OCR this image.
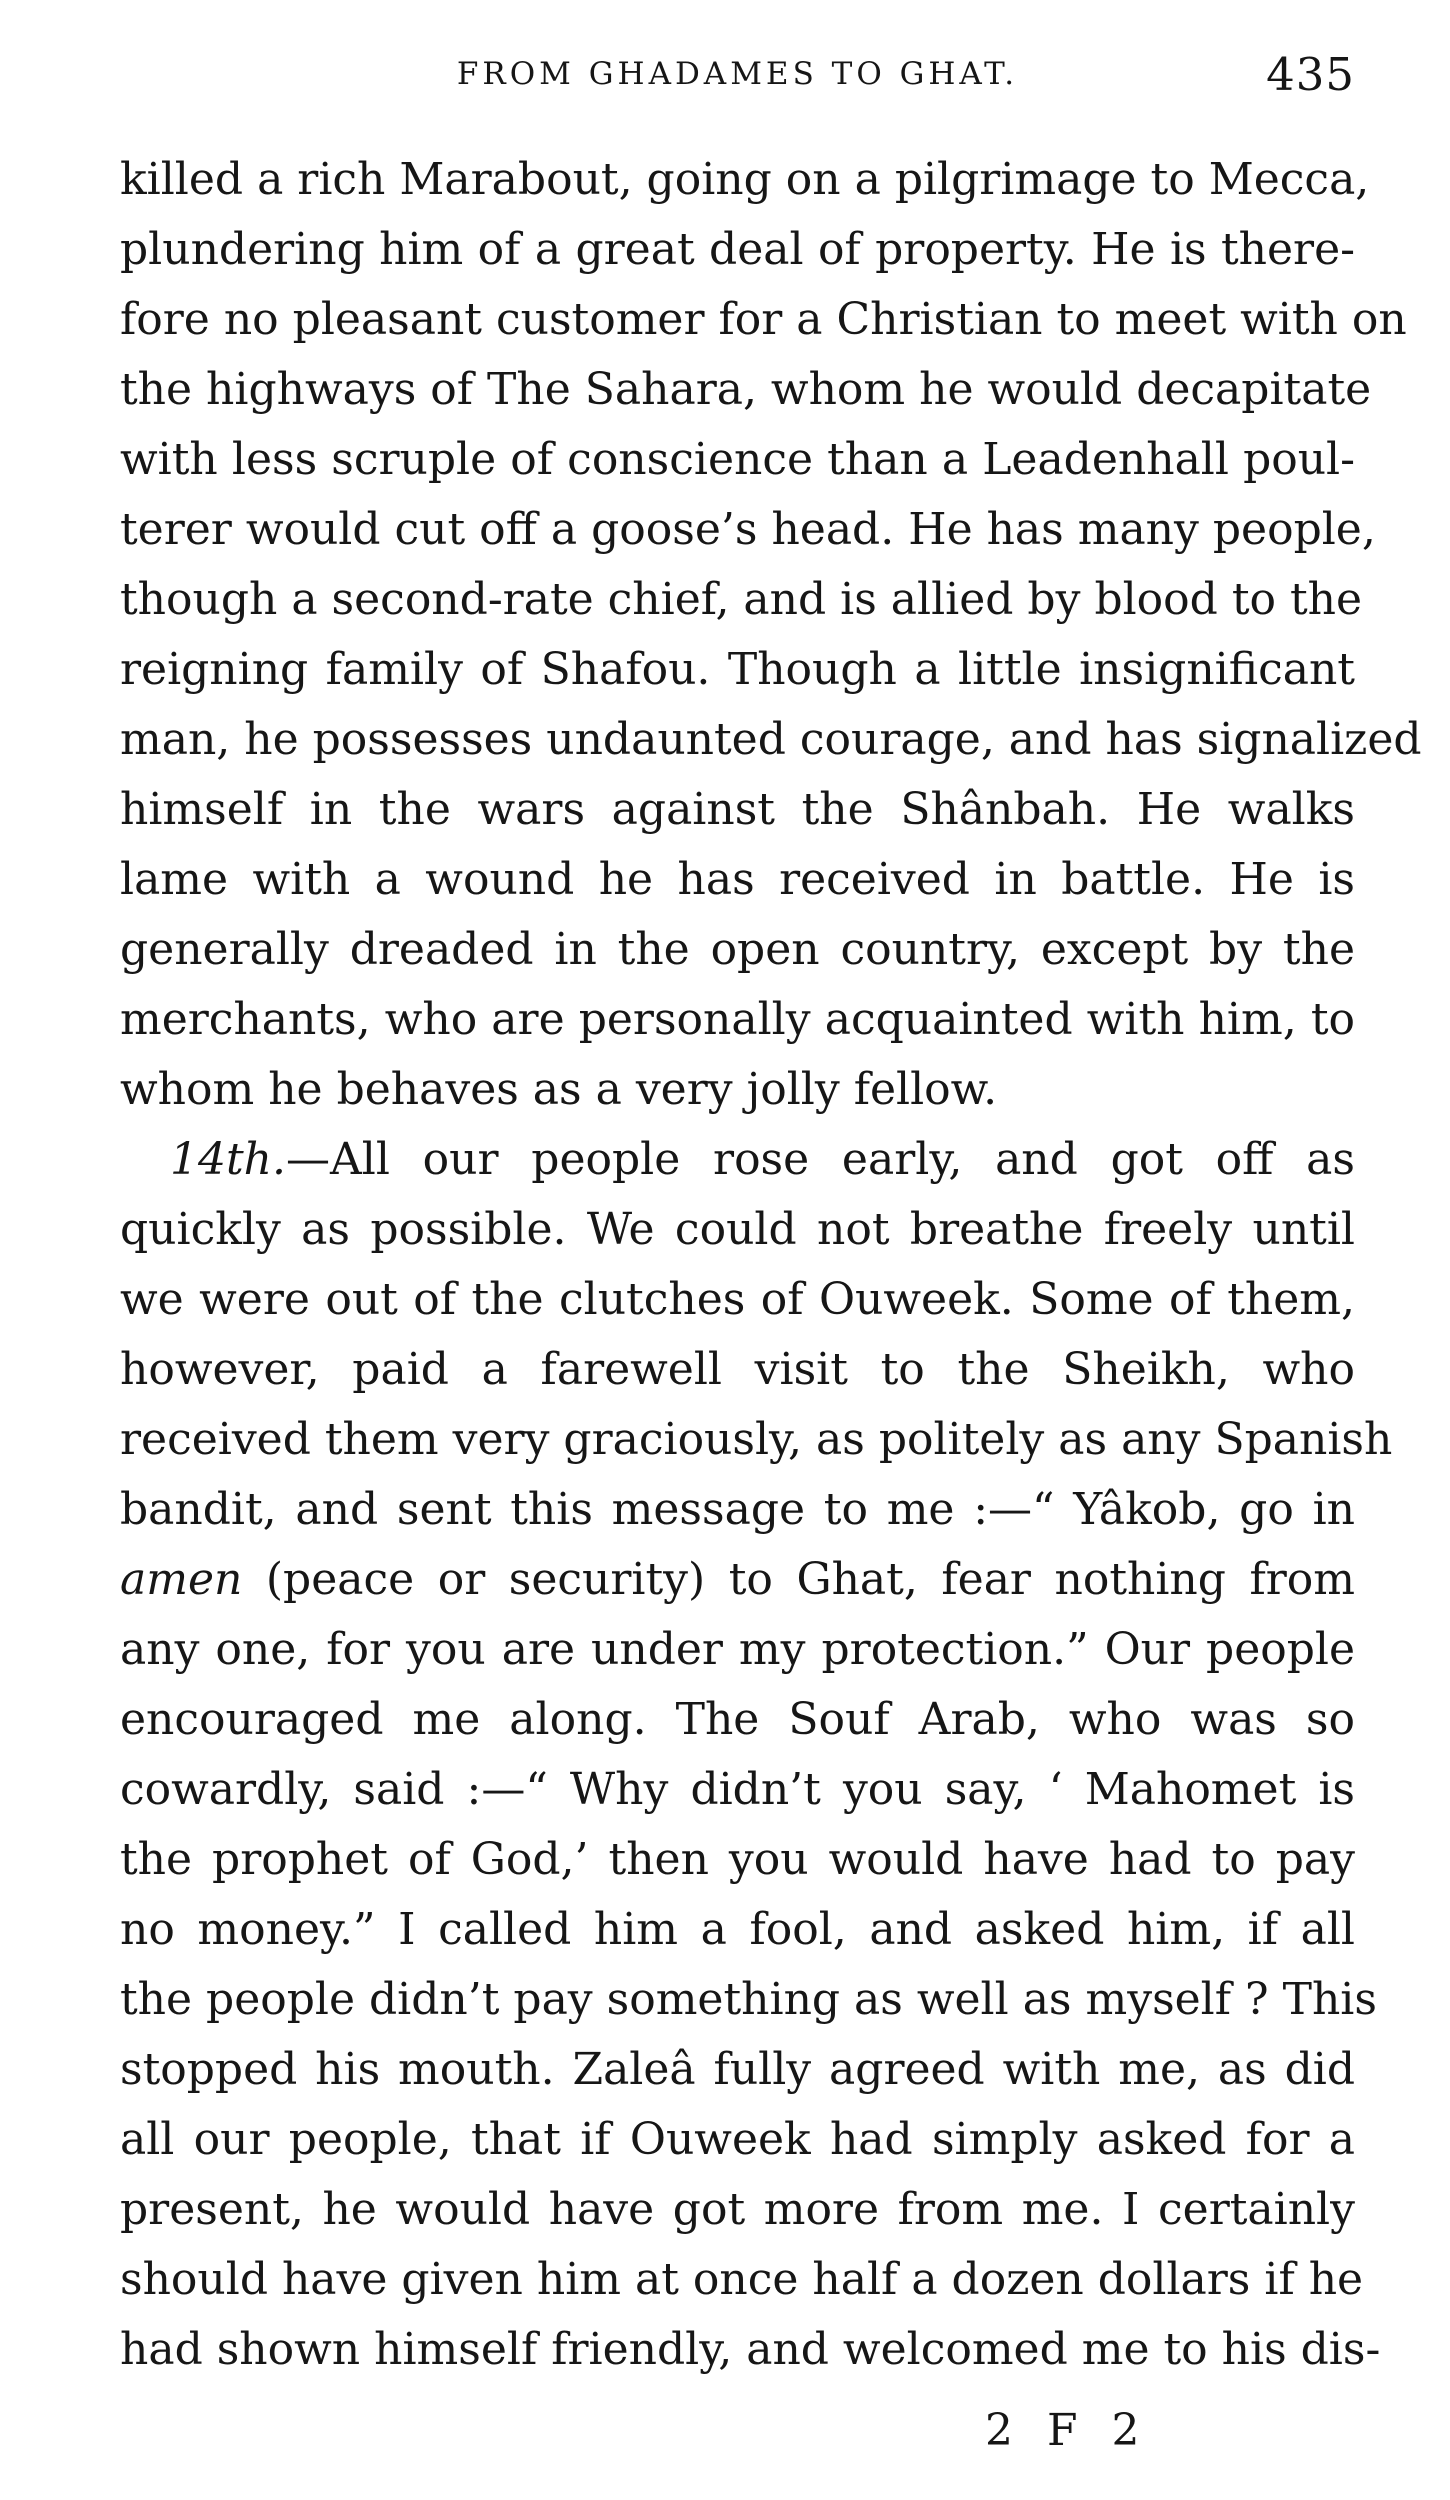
FROM GHADAMES TO GHAT.	435
killed a rich Marabout, going on a pilgrimage to Mecca,
plundering him of a great deal of property. He is there-
fore no pleasant customer for a Christian to meet with on
the highways of The Sahara, whom he would decapitate
with less scruple of conscience than a Leadenhall poul-
terer would cut off a goose’s head. He has many people,
though a second-rate chief, and is allied by blood to the
reigning family of Shafou. Though a little insignificant
man, he possesses undaunted courage, and has signalized
himself in the wars against the Shânbah. He walks
lame with a wound he has received in battle. He is
generally dreaded in the open country, except by the
merchants, who are personally acquainted with him, to
whom he behaves as a very jolly fellow.
14th.—All our people rose early, and got off as
quickly as possible. We could not breathe freely until
we were out of the clutches of Ouweek. Some of them,
however, paid a farewell visit to the Sheikh, who
received them very graciously, as politely as any Spanish
bandit, and sent this message to me :—“ Yâkob, go in
amen (peace or security) to Ghat, fear nothing from
any one, for you are under my protection.” Our people
encouraged me along. The Souf Arab, who was so
cowardly, said :—“ Why didn’t you say, ‘ Mahomet is
the prophet of God,’ then you would have had to pay
no money.” I called him a fool, and asked him, if all
the people didn’t pay something as well as myself ? This
stopped his mouth. Zaleâ fully agreed with me, as did
all our people, that if Ouweek had simply asked for a
present, he would have got more from me. I certainly
should have given him at once half a dozen dollars if he
had shown himself friendly, and welcomed me to his dis-
2 F 2
